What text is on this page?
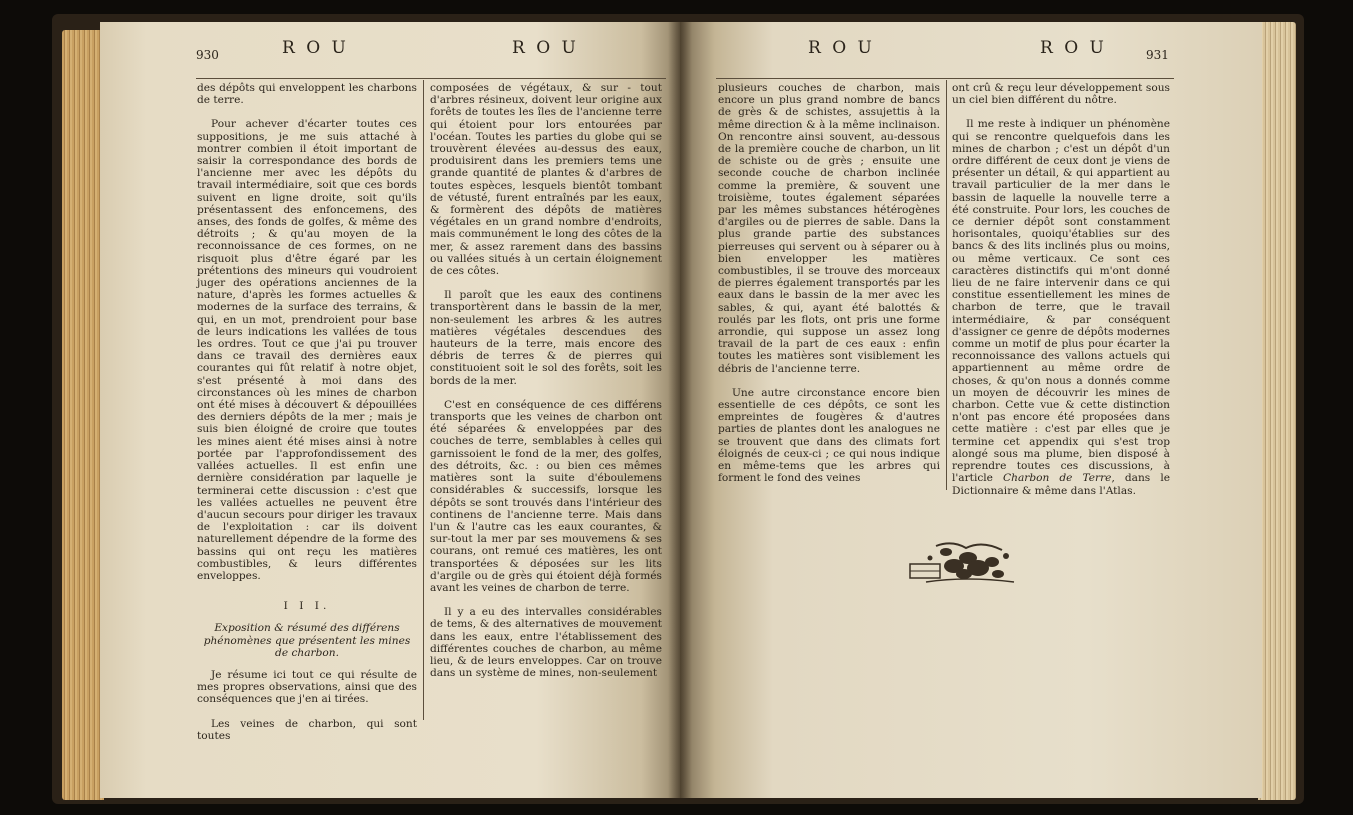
930	R O U	R O U

des dépôts qui enveloppent les charbons de terre.

Pour achever d'écarter toutes ces suppositions, je me suis attaché à montrer combien il étoit important de saisir la correspondance des bords de l'ancienne mer avec les dépôts du travail intermédiaire, soit que ces bords suivent en ligne droite, soit qu'ils présentassent des enfoncemens, des anses, des fonds de golfes, & même des détroits ; & qu'au moyen de la reconnoissance de ces formes, on ne risquoit plus d'être égaré par les prétentions des mineurs qui voudroient juger des opérations anciennes de la nature, d'après les formes actuelles & modernes de la surface des terrains, & qui, en un mot, prendroient pour base de leurs indications les vallées de tous les ordres. Tout ce que j'ai pu trouver dans ce travail des dernières eaux courantes qui fût relatif à notre objet, s'est présenté à moi dans des circonstances où les mines de charbon ont été mises à découvert & dépouillées des derniers dépôts de la mer ; mais je suis bien éloigné de croire que toutes les mines aient été mises ainsi à notre portée par l'approfondissement des vallées actuelles. Il est enfin une dernière considération par laquelle je terminerai cette discussion : c'est que les vallées actuelles ne peuvent être d'aucun secours pour diriger les travaux de l'exploitation : car ils doivent naturellement dépendre de la forme des bassins qui ont reçu les matières combustibles, & leurs différentes enveloppes.

I I I.
Exposition & résumé des différens phénomènes que présentent les mines de charbon.

Je résume ici tout ce qui résulte de mes propres observations, ainsi que des conséquences que j'en ai tirées.

Les veines de charbon, qui sont toutes

composées de végétaux, & sur - tout d'arbres résineux, doivent leur origine aux forêts de toutes les îles de l'ancienne terre qui étoient pour lors entourées par l'océan. Toutes les parties du globe qui se trouvèrent élevées au-dessus des eaux, produisirent dans les premiers tems une grande quantité de plantes & d'arbres de toutes espèces, lesquels bientôt tombant de vétusté, furent entraînés par les eaux, & formèrent des dépôts de matières végétales en un grand nombre d'endroits, mais communément le long des côtes de la mer, & assez rarement dans des bassins ou vallées situés à un certain éloignement de ces côtes.

Il paroît que les eaux des continens transportèrent dans le bassin de la mer, non-seulement les arbres & les autres matières végétales descendues des hauteurs de la terre, mais encore des débris de terres & de pierres qui constituoient soit le sol des forêts, soit les bords de la mer.

C'est en conséquence de ces différens transports que les veines de charbon ont été séparées & enveloppées par des couches de terre, semblables à celles qui garnissoient le fond de la mer, des golfes, des détroits, &c. : ou bien ces mêmes matières sont la suite d'éboulemens considérables & successifs, lorsque les dépôts se sont trouvés dans l'intérieur des continens de l'ancienne terre. Mais dans l'un & l'autre cas les eaux courantes, & sur-tout la mer par ses mouvemens & ses courans, ont remué ces matières, les ont transportées & déposées sur les lits d'argile ou de grès qui étoient déjà formés avant les veines de charbon de terre.

Il y a eu des intervalles considérables de tems, & des alternatives de mouvement dans les eaux, entre l'établissement des différentes couches de charbon, au même lieu, & de leurs enveloppes. Car on trouve dans un système de mines, non-seulement

R O U	R O U	931

plusieurs couches de charbon, mais encore un plus grand nombre de bancs de grès & de schistes, assujettis à la même direction & à la même inclinaison. On rencontre ainsi souvent, au-dessous de la première couche de charbon, un lit de schiste ou de grès ; ensuite une seconde couche de charbon inclinée comme la première, & souvent une troisième, toutes également séparées par les mêmes substances hétérogènes d'argiles ou de pierres de sable. Dans la plus grande partie des substances pierreuses qui servent ou à séparer ou à bien envelopper les matières combustibles, il se trouve des morceaux de pierres également transportés par les eaux dans le bassin de la mer avec les sables, & qui, ayant été balottés & roulés par les flots, ont pris une forme arrondie, qui suppose un assez long travail de la part de ces eaux : enfin toutes les matières sont visiblement les débris de l'ancienne terre.

Une autre circonstance encore bien essentielle de ces dépôts, ce sont les empreintes de fougères & d'autres parties de plantes dont les analogues ne se trouvent que dans des climats fort éloignés de ceux-ci ; ce qui nous indique en même-tems que les arbres qui forment le fond des veines

ont crû & reçu leur développement sous un ciel bien différent du nôtre.

Il me reste à indiquer un phénomène qui se rencontre quelquefois dans les mines de charbon ; c'est un dépôt d'un ordre différent de ceux dont je viens de présenter un détail, & qui appartient au travail particulier de la mer dans le bassin de laquelle la nouvelle terre a été construite. Pour lors, les couches de ce dernier dépôt sont constamment horisontales, quoiqu'établies sur des bancs & des lits inclinés plus ou moins, ou même verticaux. Ce sont ces caractères distinctifs qui m'ont donné lieu de ne faire intervenir dans ce qui constitue essentiellement les mines de charbon de terre, que le travail intermédiaire, & par conséquent d'assigner ce genre de dépôts modernes comme un motif de plus pour écarter la reconnoissance des vallons actuels qui appartiennent au même ordre de choses, & qu'on nous a donnés comme un moyen de découvrir les mines de charbon. Cette vue & cette distinction n'ont pas encore été proposées dans cette matière : c'est par elles que je termine cet appendix qui s'est trop alongé sous ma plume, bien disposé à reprendre toutes ces discussions, à l'article Charbon de Terre, dans le Dictionnaire & même dans l'Atlas.
